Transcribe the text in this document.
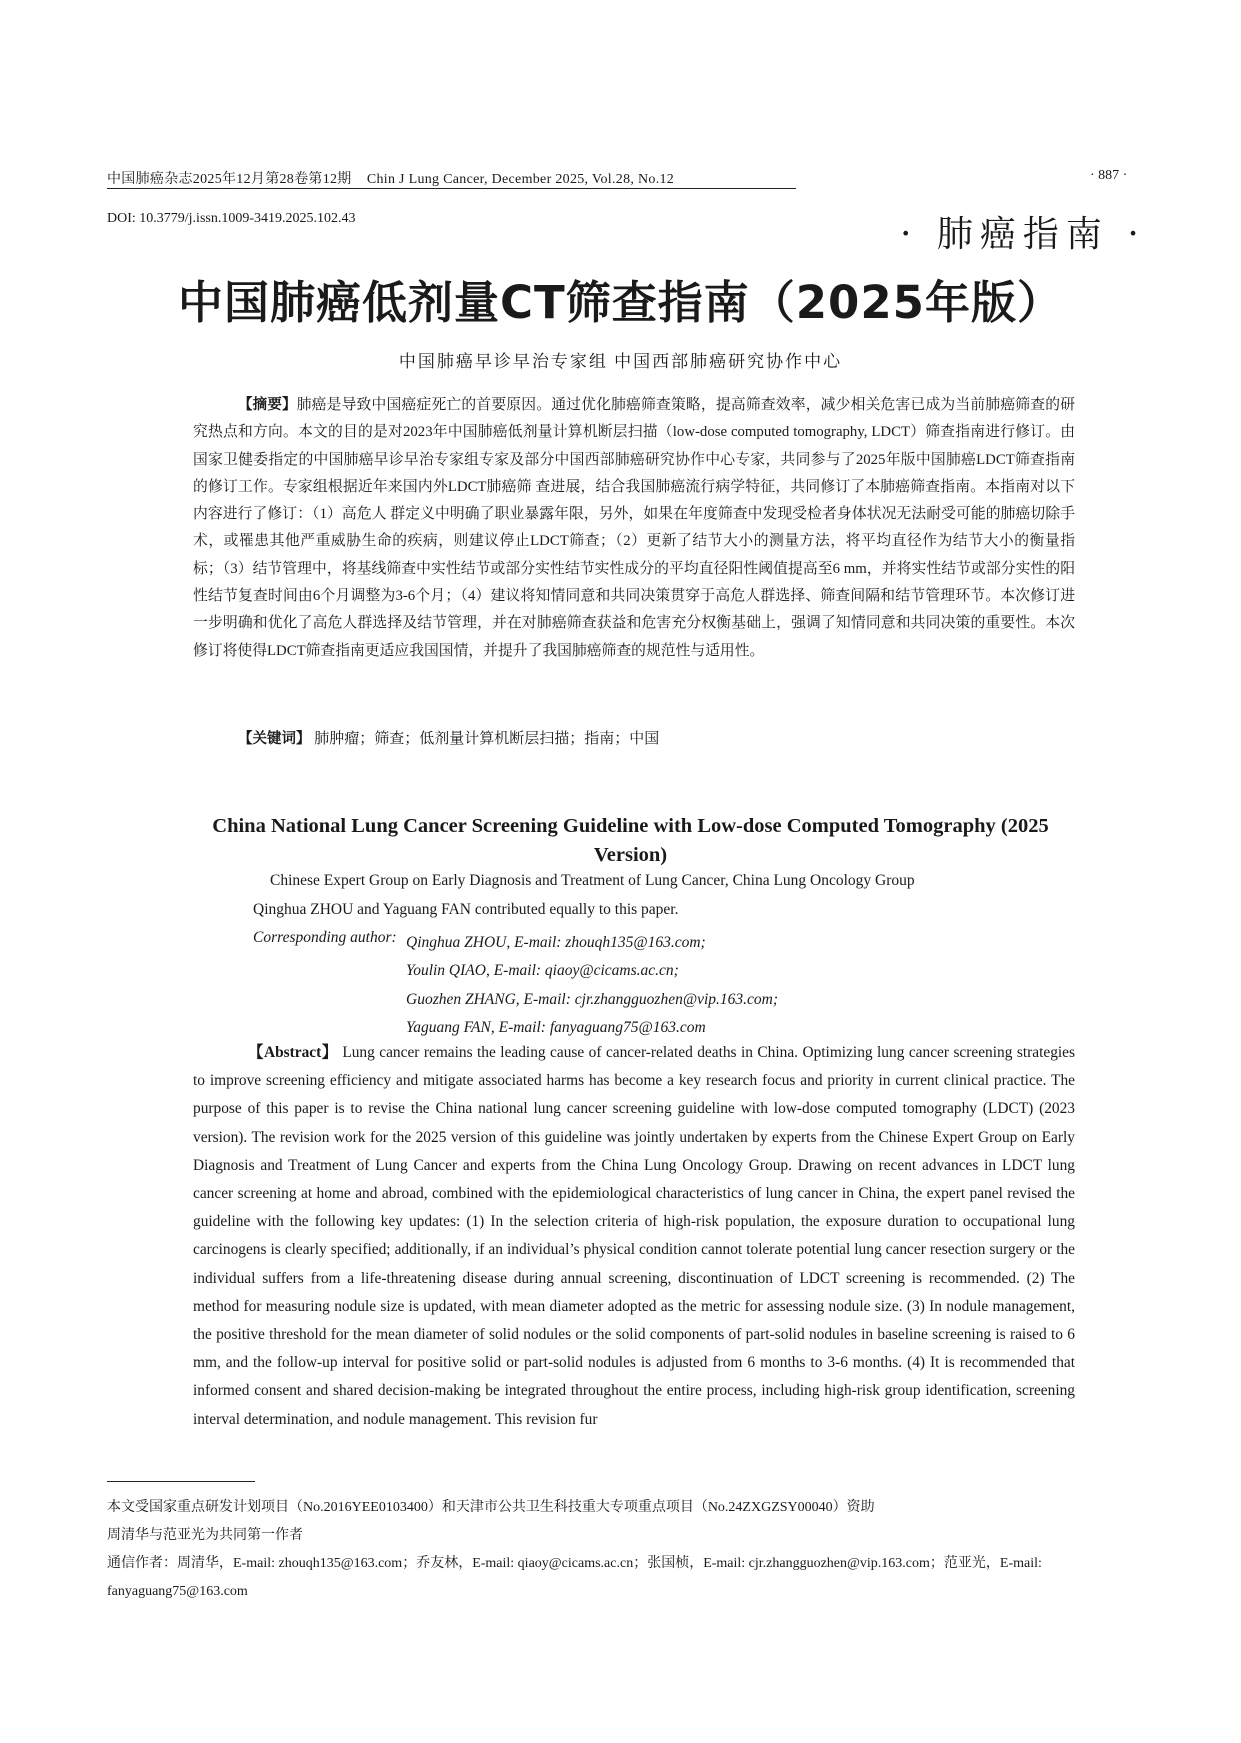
中国肺癌杂志2025年12月第28卷第12期 Chin J Lung Cancer, December 2025, Vol.28, No.12	· 887 ·
DOI: 10.3779/j.issn.1009-3419.2025.102.43	· 肺癌指南 ·
中国肺癌低剂量CT筛查指南（2025年版）
中国肺癌早诊早治专家组 中国西部肺癌研究协作中心
【摘要】肺癌是导致中国癌症死亡的首要原因。通过优化肺癌筛查策略，提高筛查效率，减少相关危害已成为当前肺癌筛查的研究热点和方向。本文的目的是对2023年中国肺癌低剂量计算机断层扫描（low-dose computed tomography, LDCT）筛查指南进行修订。由国家卫健委指定的中国肺癌早诊早治专家组专家及部分中国西部肺癌研究协作中心专家，共同参与了2025年版中国肺癌LDCT筛查指南的修订工作。专家组根据近年来国内外LDCT肺癌筛 查进展，结合我国肺癌流行病学特征，共同修订了本肺癌筛查指南。本指南对以下内容进行了修订：（1）高危人 群定义中明确了职业暴露年限，另外，如果在年度筛查中发现受检者身体状况无法耐受可能的肺癌切除手术，或罹患其他严重威胁生命的疾病，则建议停止LDCT筛查；（2）更新了结节大小的测量方法，将平均直径作为结节大小的衡量指标；（3）结节管理中，将基线筛查中实性结节或部分实性结节实性成分的平均直径阳性阈值提高至6 mm，并将实性结节或部分实性的阳性结节复查时间由6个月调整为3-6个月；（4）建议将知情同意和共同决策贯穿于高危人群选择、筛查间隔和结节管理环节。本次修订进一步明确和优化了高危人群选择及结节管理，并在对肺癌筛查获益和危害充分权衡基础上，强调了知情同意和共同决策的重要性。本次修订将使得LDCT筛查指南更适应我国国情，并提升了我国肺癌筛查的规范性与适用性。
【关键词】 肺肿瘤；筛查；低剂量计算机断层扫描；指南；中国
China National Lung Cancer Screening Guideline with Low-dose Computed Tomography (2025 Version)
Chinese Expert Group on Early Diagnosis and Treatment of Lung Cancer, China Lung Oncology Group
Qinghua ZHOU and Yaguang FAN contributed equally to this paper.
Corresponding author: Qinghua ZHOU, E-mail: zhouqh135@163.com;
Youlin QIAO, E-mail: qiaoy@cicams.ac.cn;
Guozhen ZHANG, E-mail: cjr.zhangguozhen@vip.163.com;
Yaguang FAN, E-mail: fanyaguang75@163.com
【Abstract】 Lung cancer remains the leading cause of cancer-related deaths in China. Optimizing lung cancer screening strategies to improve screening efficiency and mitigate associated harms has become a key research focus and priority in current clinical practice. The purpose of this paper is to revise the China national lung cancer screening guideline with low-dose computed tomography (LDCT) (2023 version). The revision work for the 2025 version of this guideline was jointly undertaken by experts from the Chinese Expert Group on Early Diagnosis and Treatment of Lung Cancer and experts from the China Lung Oncology Group. Drawing on recent advances in LDCT lung cancer screening at home and abroad, combined with the epidemiological characteristics of lung cancer in China, the expert panel revised the guideline with the following key updates: (1) In the selection criteria of high-risk population, the exposure duration to occupational lung carcinogens is clearly specified; additionally, if an individual’s physical condition cannot tolerate potential lung cancer resection surgery or the individual suffers from a life-threatening disease during annual screening, discontinuation of LDCT screening is recommended. (2) The method for measuring nodule size is updated, with mean diameter adopted as the metric for assessing nodule size. (3) In nodule management, the positive threshold for the mean diameter of solid nodules or the solid components of part-solid nodules in baseline screening is raised to 6 mm, and the follow-up interval for positive solid or part-solid nodules is adjusted from 6 months to 3-6 months. (4) It is recommended that informed consent and shared decision-making be integrated throughout the entire process, including high-risk group identification, screening interval determination, and nodule management. This revision fur
本文受国家重点研发计划项目（No.2016YEE0103400）和天津市公共卫生科技重大专项重点项目（No.24ZXGZSY00040）资助
周清华与范亚光为共同第一作者
通信作者：周清华，E-mail: zhouqh135@163.com；乔友林，E-mail: qiaoy@cicams.ac.cn；张国桢，E-mail: cjr.zhangguozhen@vip.163.com；范亚光，E-mail: fanyaguang75@163.com
